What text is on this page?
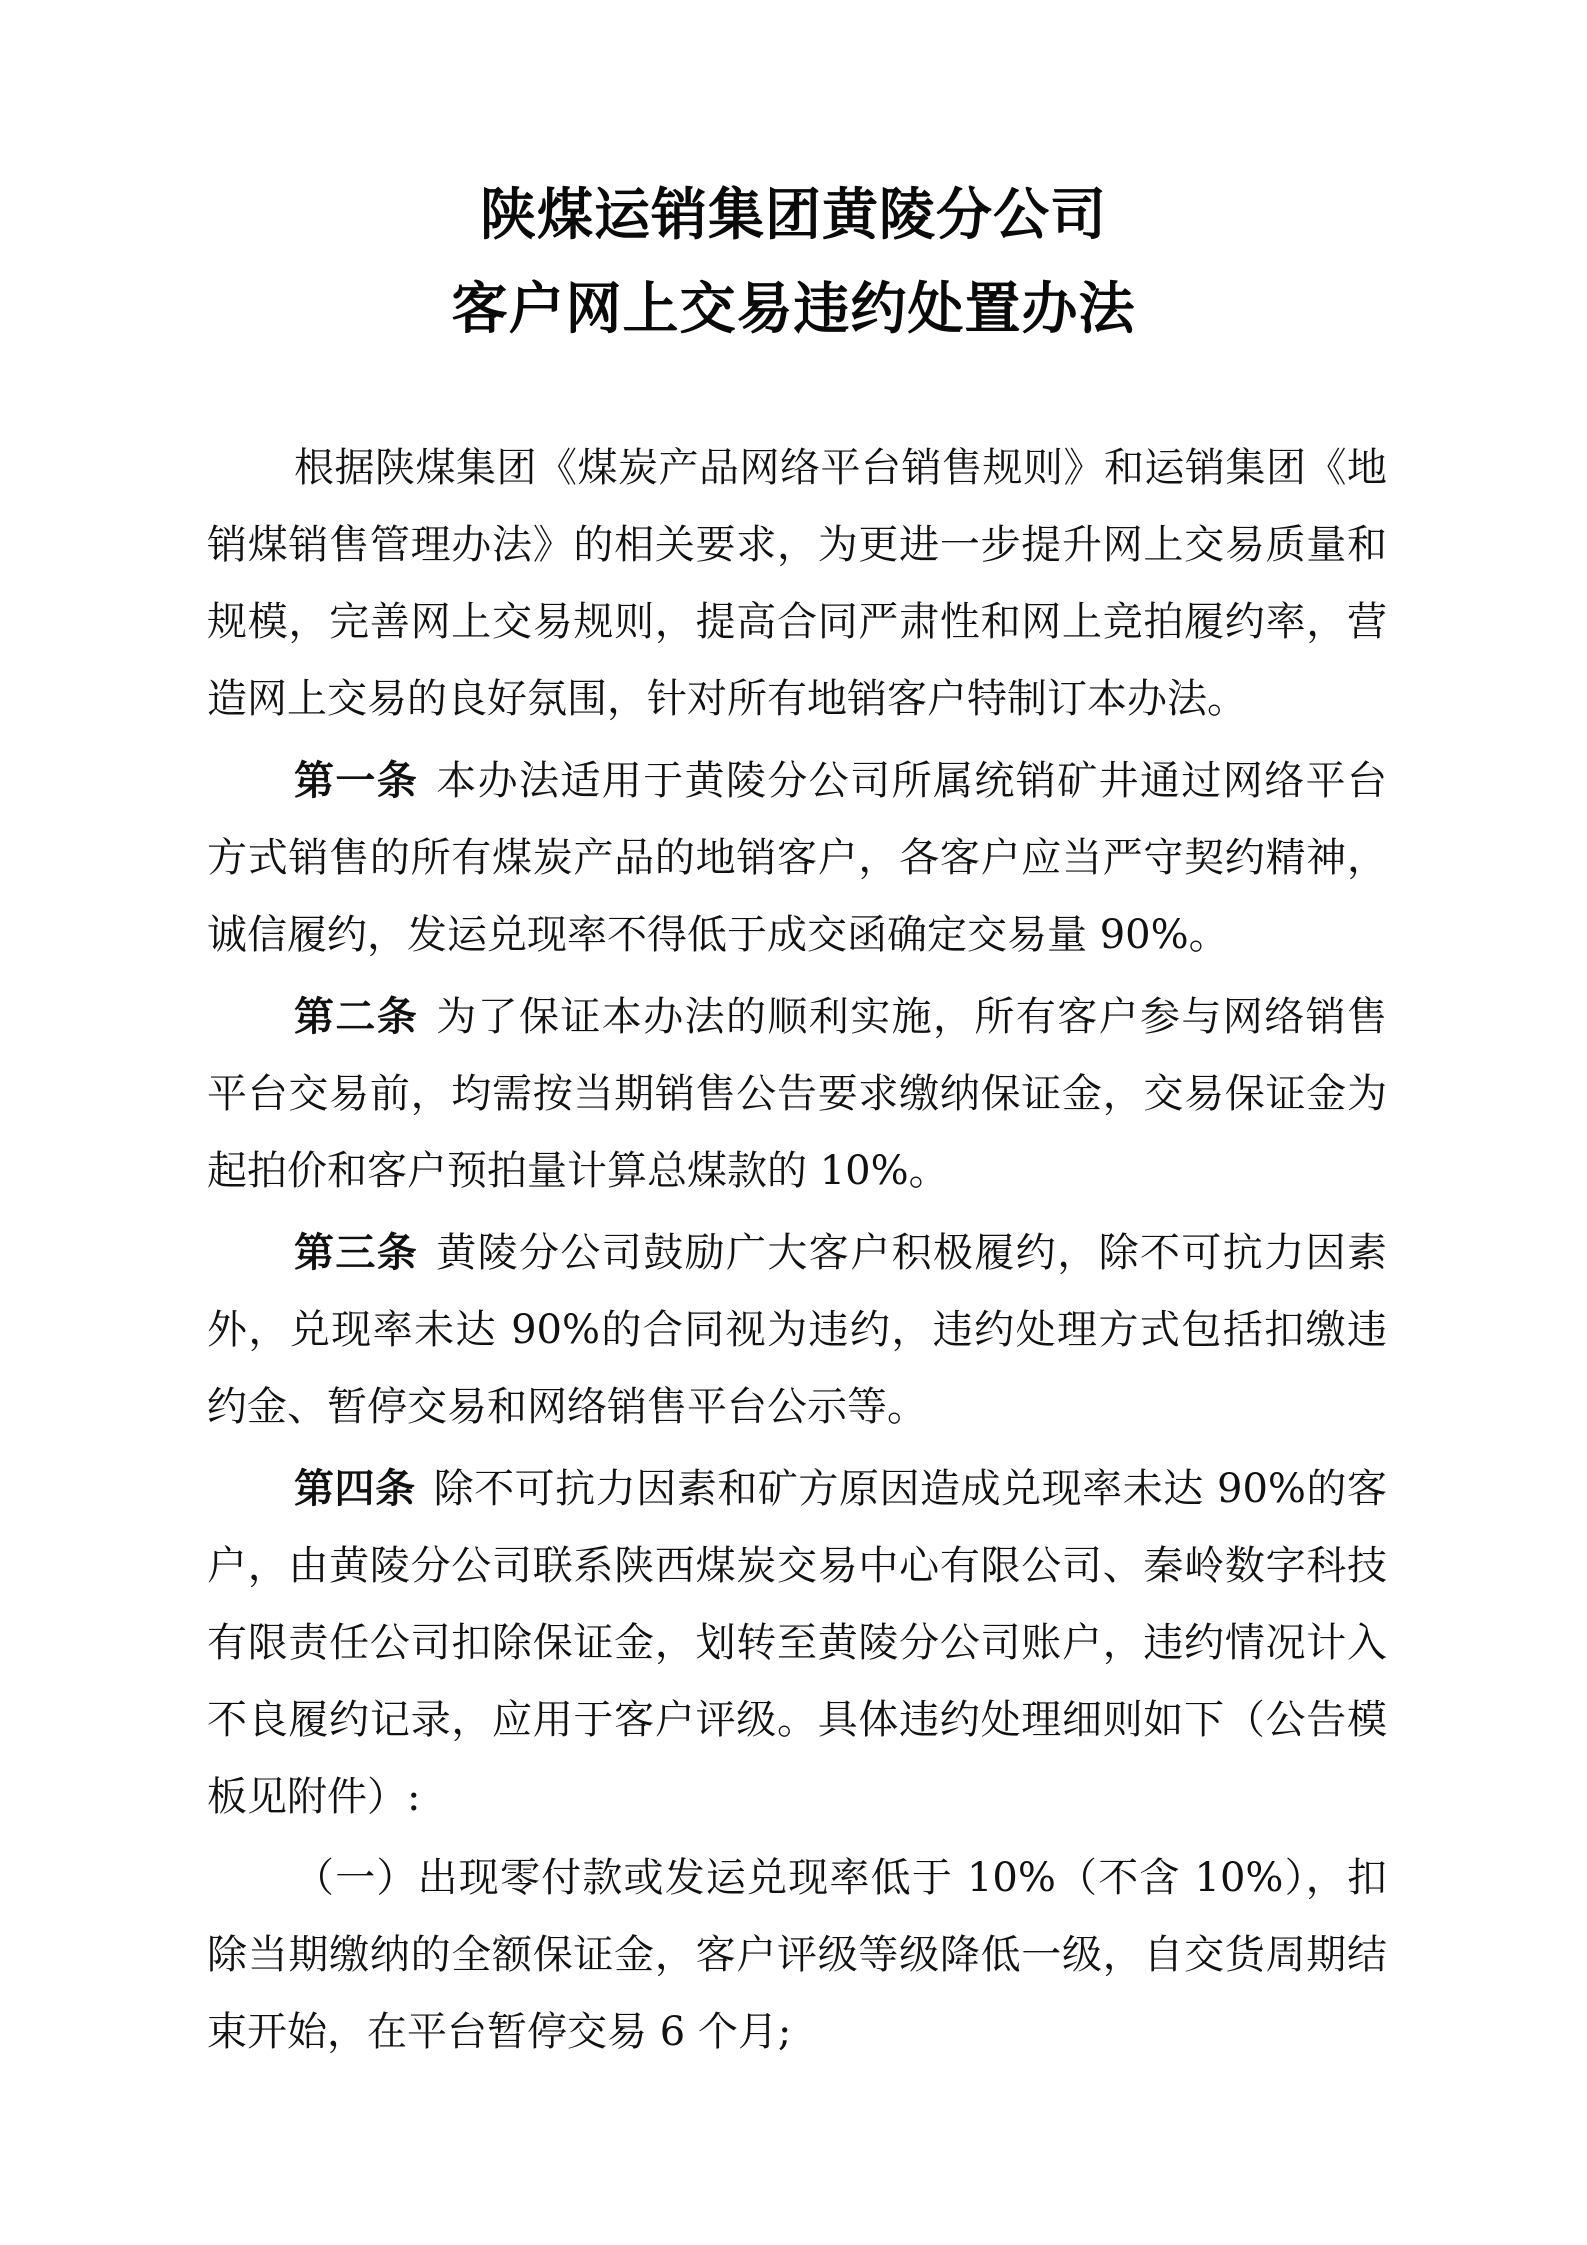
陕煤运销集团黄陵分公司
客户网上交易违约处置办法

根据陕煤集团《煤炭产品网络平台销售规则》和运销集团《地销煤销售管理办法》的相关要求，为更进一步提升网上交易质量和规模，完善网上交易规则，提高合同严肃性和网上竞拍履约率，营造网上交易的良好氛围，针对所有地销客户特制订本办法。

第一条 本办法适用于黄陵分公司所属统销矿井通过网络平台方式销售的所有煤炭产品的地销客户，各客户应当严守契约精神，诚信履约，发运兑现率不得低于成交函确定交易量 90%。

第二条 为了保证本办法的顺利实施，所有客户参与网络销售平台交易前，均需按当期销售公告要求缴纳保证金，交易保证金为起拍价和客户预拍量计算总煤款的 10%。

第三条 黄陵分公司鼓励广大客户积极履约，除不可抗力因素外，兑现率未达 90%的合同视为违约，违约处理方式包括扣缴违约金、暂停交易和网络销售平台公示等。

第四条 除不可抗力因素和矿方原因造成兑现率未达 90%的客户，由黄陵分公司联系陕西煤炭交易中心有限公司、秦岭数字科技有限责任公司扣除保证金，划转至黄陵分公司账户，违约情况计入不良履约记录，应用于客户评级。具体违约处理细则如下（公告模板见附件）:

（一）出现零付款或发运兑现率低于 10%（不含 10%），扣除当期缴纳的全额保证金，客户评级等级降低一级，自交货周期结束开始，在平台暂停交易 6 个月;
